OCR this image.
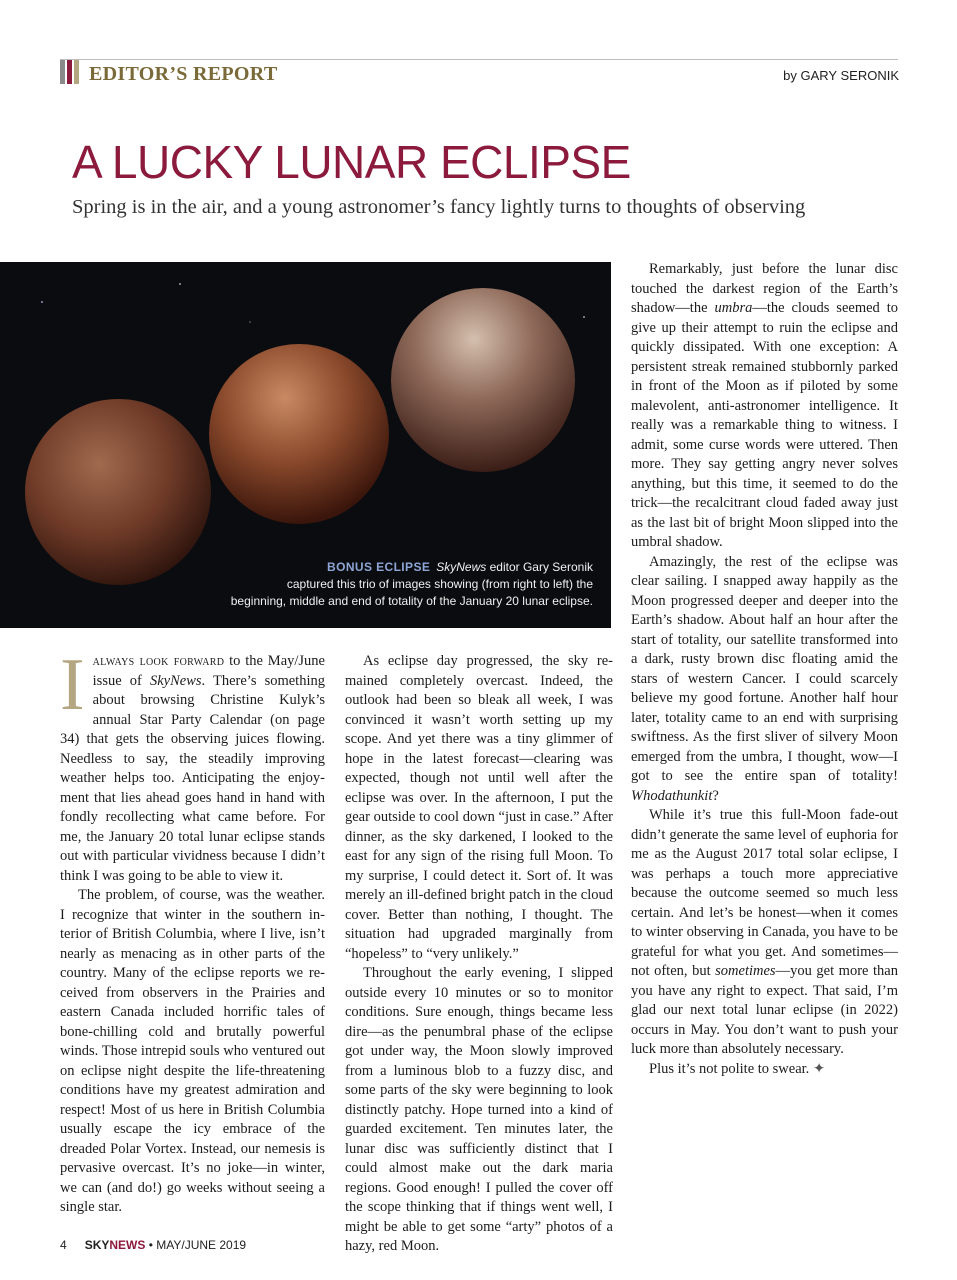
EDITOR’S REPORT	by GARY SERONIK
A LUCKY LUNAR ECLIPSE
Spring is in the air, and a young astronomer’s fancy lightly turns to thoughts of observing
BONUS ECLIPSE SkyNews editor Gary Seronik
captured this trio of images showing (from right to left) the
beginning, middle and end of totality of the January 20 lunar eclipse.

Ialways look forward to the May/June issue of SkyNews. There’s something about browsing Christine Kulyk’s annual Star Party Calendar (on page 34) that gets the observing juices flowing. Needless to say, the steadily improving weather helps too. Anticipating the enjoyment that lies ahead goes hand in hand with fondly recollecting what came before. For me, the January 20 total lunar eclipse stands out with particular vividness because I didn’t think I was going to be able to view it.

The problem, of course, was the weather. I recognize that winter in the southern interior of British Columbia, where I live, isn’t nearly as menacing as in other parts of the country. Many of the eclipse reports we received from observers in the Prairies and eastern Canada included horrific tales of bone-chilling cold and brutally powerful winds. Those intrepid souls who ventured out on eclipse night despite the life-threatening conditions have my greatest admiration and respect! Most of us here in British Columbia usually escape the icy embrace of the dreaded Polar Vortex. Instead, our nemesis is pervasive overcast. It’s no joke—in winter, we can (and do!) go weeks without seeing a single star.

As eclipse day progressed, the sky remained completely overcast. Indeed, the outlook had been so bleak all week, I was convinced it wasn’t worth setting up my scope. And yet there was a tiny glimmer of hope in the latest forecast—clearing was expected, though not until well after the eclipse was over. In the afternoon, I put the gear outside to cool down “just in case.” After dinner, as the sky darkened, I looked to the east for any sign of the rising full Moon. To my surprise, I could detect it. Sort of. It was merely an ill-defined bright patch in the cloud cover. Better than nothing, I thought. The situation had upgraded marginally from “hopeless” to “very unlikely.”

Throughout the early evening, I slipped outside every 10 minutes or so to monitor conditions. Sure enough, things became less dire—as the penumbral phase of the eclipse got under way, the Moon slowly improved from a luminous blob to a fuzzy disc, and some parts of the sky were beginning to look distinctly patchy. Hope turned into a kind of guarded excitement. Ten minutes later, the lunar disc was sufficiently distinct that I could almost make out the dark maria regions. Good enough! I pulled the cover off the scope thinking that if things went well, I might be able to get some “arty” photos of a hazy, red Moon.

Remarkably, just before the lunar disc touched the darkest region of the Earth’s shadow—the umbra—the clouds seemed to give up their attempt to ruin the eclipse and quickly dissipated. With one exception: A persistent streak remained stubbornly parked in front of the Moon as if piloted by some malevolent, anti-astronomer intelligence. It really was a remarkable thing to witness. I admit, some curse words were uttered. Then more. They say getting angry never solves anything, but this time, it seemed to do the trick—the recalcitrant cloud faded away just as the last bit of bright Moon slipped into the umbral shadow.

Amazingly, the rest of the eclipse was clear sailing. I snapped away happily as the Moon progressed deeper and deeper into the Earth’s shadow. About half an hour after the start of totality, our satellite transformed into a dark, rusty brown disc floating amid the stars of western Cancer. I could scarcely believe my good fortune. Another half hour later, totality came to an end with surprising swiftness. As the first sliver of silvery Moon emerged from the umbra, I thought, wow—I got to see the entire span of totality! Whodathunkit?

While it’s true this full-Moon fade-out didn’t generate the same level of euphoria for me as the August 2017 total solar eclipse, I was perhaps a touch more appreciative because the outcome seemed so much less certain. And let’s be honest—when it comes to winter observing in Canada, you have to be grateful for what you get. And sometimes—not often, but sometimes—you get more than you have any right to expect. That said, I’m glad our next total lunar eclipse (in 2022) occurs in May. You don’t want to push your luck more than absolutely necessary.

Plus it’s not polite to swear. ✦

4 SKYNEWS • MAY/JUNE 2019
